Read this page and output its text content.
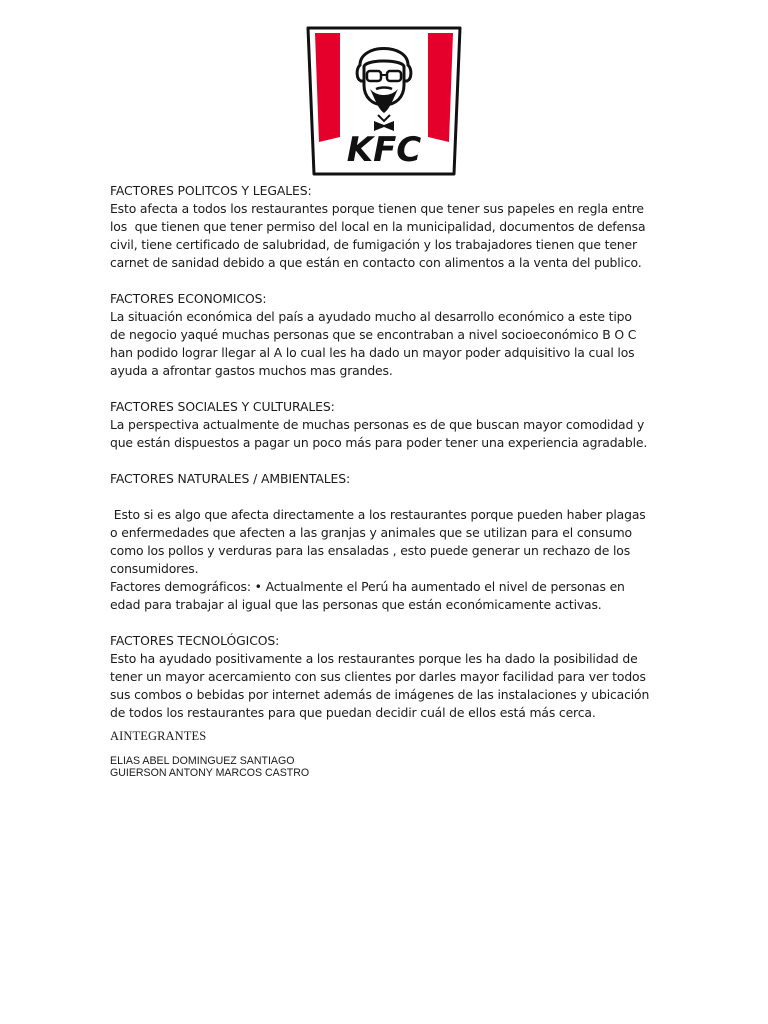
KFC

FACTORES POLITCOS Y LEGALES:

Esto afecta a todos los restaurantes porque tienen que tener sus papeles en regla entre

los  que tienen que tener permiso del local en la municipalidad, documentos de defensa

civil, tiene certificado de salubridad, de fumigación y los trabajadores tienen que tener

carnet de sanidad debido a que están en contacto con alimentos a la venta del publico.

FACTORES ECONOMICOS:

La situación económica del país a ayudado mucho al desarrollo económico a este tipo

de negocio yaqué muchas personas que se encontraban a nivel socioeconómico B O C

han podido lograr llegar al A lo cual les ha dado un mayor poder adquisitivo la cual los

ayuda a afrontar gastos muchos mas grandes.

FACTORES SOCIALES Y CULTURALES:

La perspectiva actualmente de muchas personas es de que buscan mayor comodidad y

que están dispuestos a pagar un poco más para poder tener una experiencia agradable.

FACTORES NATURALES / AMBIENTALES:

Esto si es algo que afecta directamente a los restaurantes porque pueden haber plagas

o enfermedades que afecten a las granjas y animales que se utilizan para el consumo

como los pollos y verduras para las ensaladas , esto puede generar un rechazo de los

consumidores.

Factores demográficos: • Actualmente el Perú ha aumentado el nivel de personas en

edad para trabajar al igual que las personas que están económicamente activas.

FACTORES TECNOLÓGICOS:

Esto ha ayudado positivamente a los restaurantes porque les ha dado la posibilidad de

tener un mayor acercamiento con sus clientes por darles mayor facilidad para ver todos

sus combos o bebidas por internet además de imágenes de las instalaciones y ubicación

de todos los restaurantes para que puedan decidir cuál de ellos está más cerca.

AINTEGRANTES
ELIAS ABEL DOMINGUEZ SANTIAGO
GUIERSON ANTONY MARCOS CASTRO
